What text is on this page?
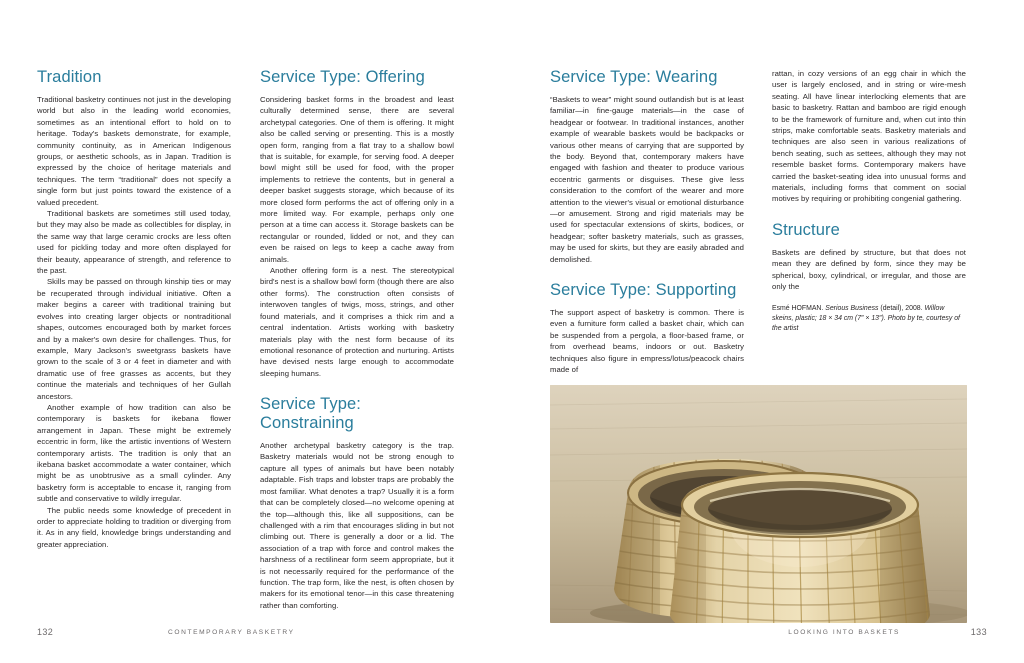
Tradition

Traditional basketry continues not just in the developing world but also in the leading world economies, sometimes as an intentional effort to hold on to heritage. Today's baskets demonstrate, for example, community continuity, as in American Indigenous groups, or aesthetic schools, as in Japan. Tradition is expressed by the choice of heritage materials and techniques. The term “traditional” does not specify a single form but just points toward the existence of a valued precedent.

Traditional baskets are sometimes still used today, but they may also be made as collectibles for display, in the same way that large ceramic crocks are less often used for pickling today and more often displayed for their beauty, appearance of strength, and reference to the past.

Skills may be passed on through kinship ties or may be recuperated through individual initiative. Often a maker begins a career with traditional training but evolves into creating larger objects or nontraditional shapes, outcomes encouraged both by market forces and by a maker's own desire for challenges. Thus, for example, Mary Jackson's sweetgrass baskets have grown to the scale of 3 or 4 feet in diameter and with dramatic use of free grasses as accents, but they continue the materials and techniques of her Gullah ancestors.

Another example of how tradition can also be contemporary is baskets for ikebana flower arrangement in Japan. These might be extremely eccentric in form, like the artistic inventions of Western contemporary artists. The tradition is only that an ikebana basket accommodate a water container, which might be as unobtrusive as a small cylinder. Any basketry form is acceptable to encase it, ranging from subtle and conservative to wildly irregular.

The public needs some knowledge of precedent in order to appreciate holding to tradition or diverging from it. As in any field, knowledge brings understanding and greater appreciation.

Service Type: Offering

Considering basket forms in the broadest and least culturally determined sense, there are several archetypal categories. One of them is offering. It might also be called serving or presenting. This is a mostly open form, ranging from a flat tray to a shallow bowl that is suitable, for example, for serving food. A deeper bowl might still be used for food, with the proper implements to retrieve the contents, but in general a deeper basket suggests storage, which because of its more closed form performs the act of offering only in a more limited way. For example, perhaps only one person at a time can access it. Storage baskets can be rectangular or rounded, lidded or not, and they can even be raised on legs to keep a cache away from animals.

Another offering form is a nest. The stereotypical bird's nest is a shallow bowl form (though there are also other forms). The construction often consists of interwoven tangles of twigs, moss, strings, and other found materials, and it comprises a thick rim and a central indentation. Artists working with basketry materials play with the nest form because of its emotional resonance of protection and nurturing. Artists have devised nests large enough to accommodate sleeping humans.

Service Type: Constraining

Another archetypal basketry category is the trap. Basketry materials would not be strong enough to capture all types of animals but have been notably adaptable. Fish traps and lobster traps are probably the most familiar. What denotes a trap? Usually it is a form that can be completely closed—no welcome opening at the top—although this, like all suppositions, can be challenged with a rim that encourages sliding in but not climbing out. There is generally a door or a lid. The association of a trap with force and control makes the harshness of a rectilinear form seem appropriate, but it is not necessarily required for the performance of the function. The trap form, like the nest, is often chosen by makers for its emotional tenor—in this case threatening rather than comforting.

Service Type: Wearing

“Baskets to wear” might sound outlandish but is at least familiar—in fine-gauge materials—in the case of headgear or footwear. In traditional instances, another example of wearable baskets would be backpacks or various other means of carrying that are supported by the body. Beyond that, contemporary makers have engaged with fashion and theater to produce various eccentric garments or disguises. These give less consideration to the comfort of the wearer and more attention to the viewer's visual or emotional disturbance—or amusement. Strong and rigid materials may be used for spectacular extensions of skirts, bodices, or headgear; softer basketry materials, such as grasses, may be used for skirts, but they are easily abraded and demolished.

Service Type: Supporting

The support aspect of basketry is common. There is even a furniture form called a basket chair, which can be suspended from a pergola, a floor-based frame, or from overhead beams, indoors or out. Basketry techniques also figure in empress/lotus/peacock chairs made of

rattan, in cozy versions of an egg chair in which the user is largely enclosed, and in string or wire-mesh seating. All have linear interlocking elements that are basic to basketry. Rattan and bamboo are rigid enough to be the framework of furniture and, when cut into thin strips, make comfortable seats. Basketry materials and techniques are also seen in various realizations of bench seating, such as settees, although they may not resemble basket forms. Contemporary makers have carried the basket-seating idea into unusual forms and materials, including forms that comment on social motives by requiring or prohibiting congenial gathering.

Structure

Baskets are defined by structure, but that does not mean they are defined by form, since they may be spherical, boxy, cylindrical, or irregular, and those are only the

Esmé HOFMAN. Serious Business (detail), 2008. Willow skeins, plastic; 18 × 34 cm (7″ × 13″). Photo by te, courtesy of the artist
132	CONTEMPORARY BASKETRY	LOOKING INTO BASKETS	133
